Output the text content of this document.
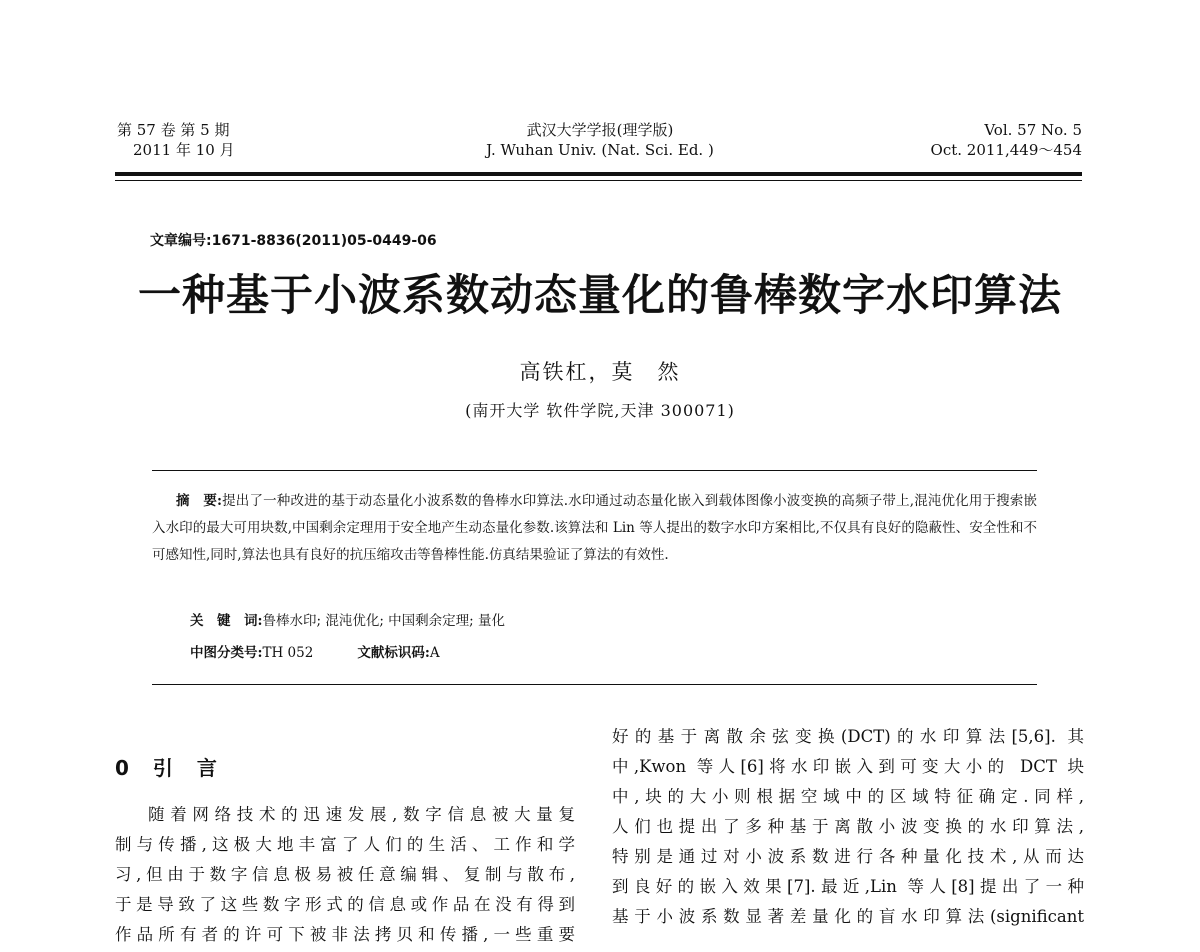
第 57 卷 第 5 期
2011 年 10 月
武汉大学学报(理学版)
J. Wuhan Univ. (Nat. Sci. Ed. )
Vol. 57 No. 5
Oct. 2011,449～454
文章编号:1671-8836(2011)05-0449-06
一种基于小波系数动态量化的鲁棒数字水印算法
高铁杠，莫　然
(南开大学 软件学院,天津 300071)
摘　要:提出了一种改进的基于动态量化小波系数的鲁棒水印算法.水印通过动态量化嵌入到载体图像小波变换的高频子带上,混沌优化用于搜索嵌入水印的最大可用块数,中国剩余定理用于安全地产生动态量化参数.该算法和 Lin 等人提出的数字水印方案相比,不仅具有良好的隐蔽性、安全性和不可感知性,同时,算法也具有良好的抗压缩攻击等鲁棒性能.仿真结果验证了算法的有效性.
关　键　词:鲁棒水印; 混沌优化; 中国剩余定理; 量化
中图分类号:TH 052	文献标识码:A
0 引　言
随着网络技术的迅速发展,数字信息被大量复
制与传播,这极大地丰富了人们的生活、工作和学
习,但由于数字信息极易被任意编辑、复制与散布,
于是导致了这些数字形式的信息或作品在没有得到
作品所有者的许可下被非法拷贝和传播,一些重要
好的基于离散余弦变换(DCT)的水印算法[5,6]. 其
中,Kwon 等人[6]将水印嵌入到可变大小的 DCT 块
中,块的大小则根据空域中的区域特征确定.同样,
人们也提出了多种基于离散小波变换的水印算法,
特别是通过对小波系数进行各种量化技术,从而达
到良好的嵌入效果[7].最近,Lin 等人[8]提出了一种
基于小波系数显著差量化的盲水印算法(significant
